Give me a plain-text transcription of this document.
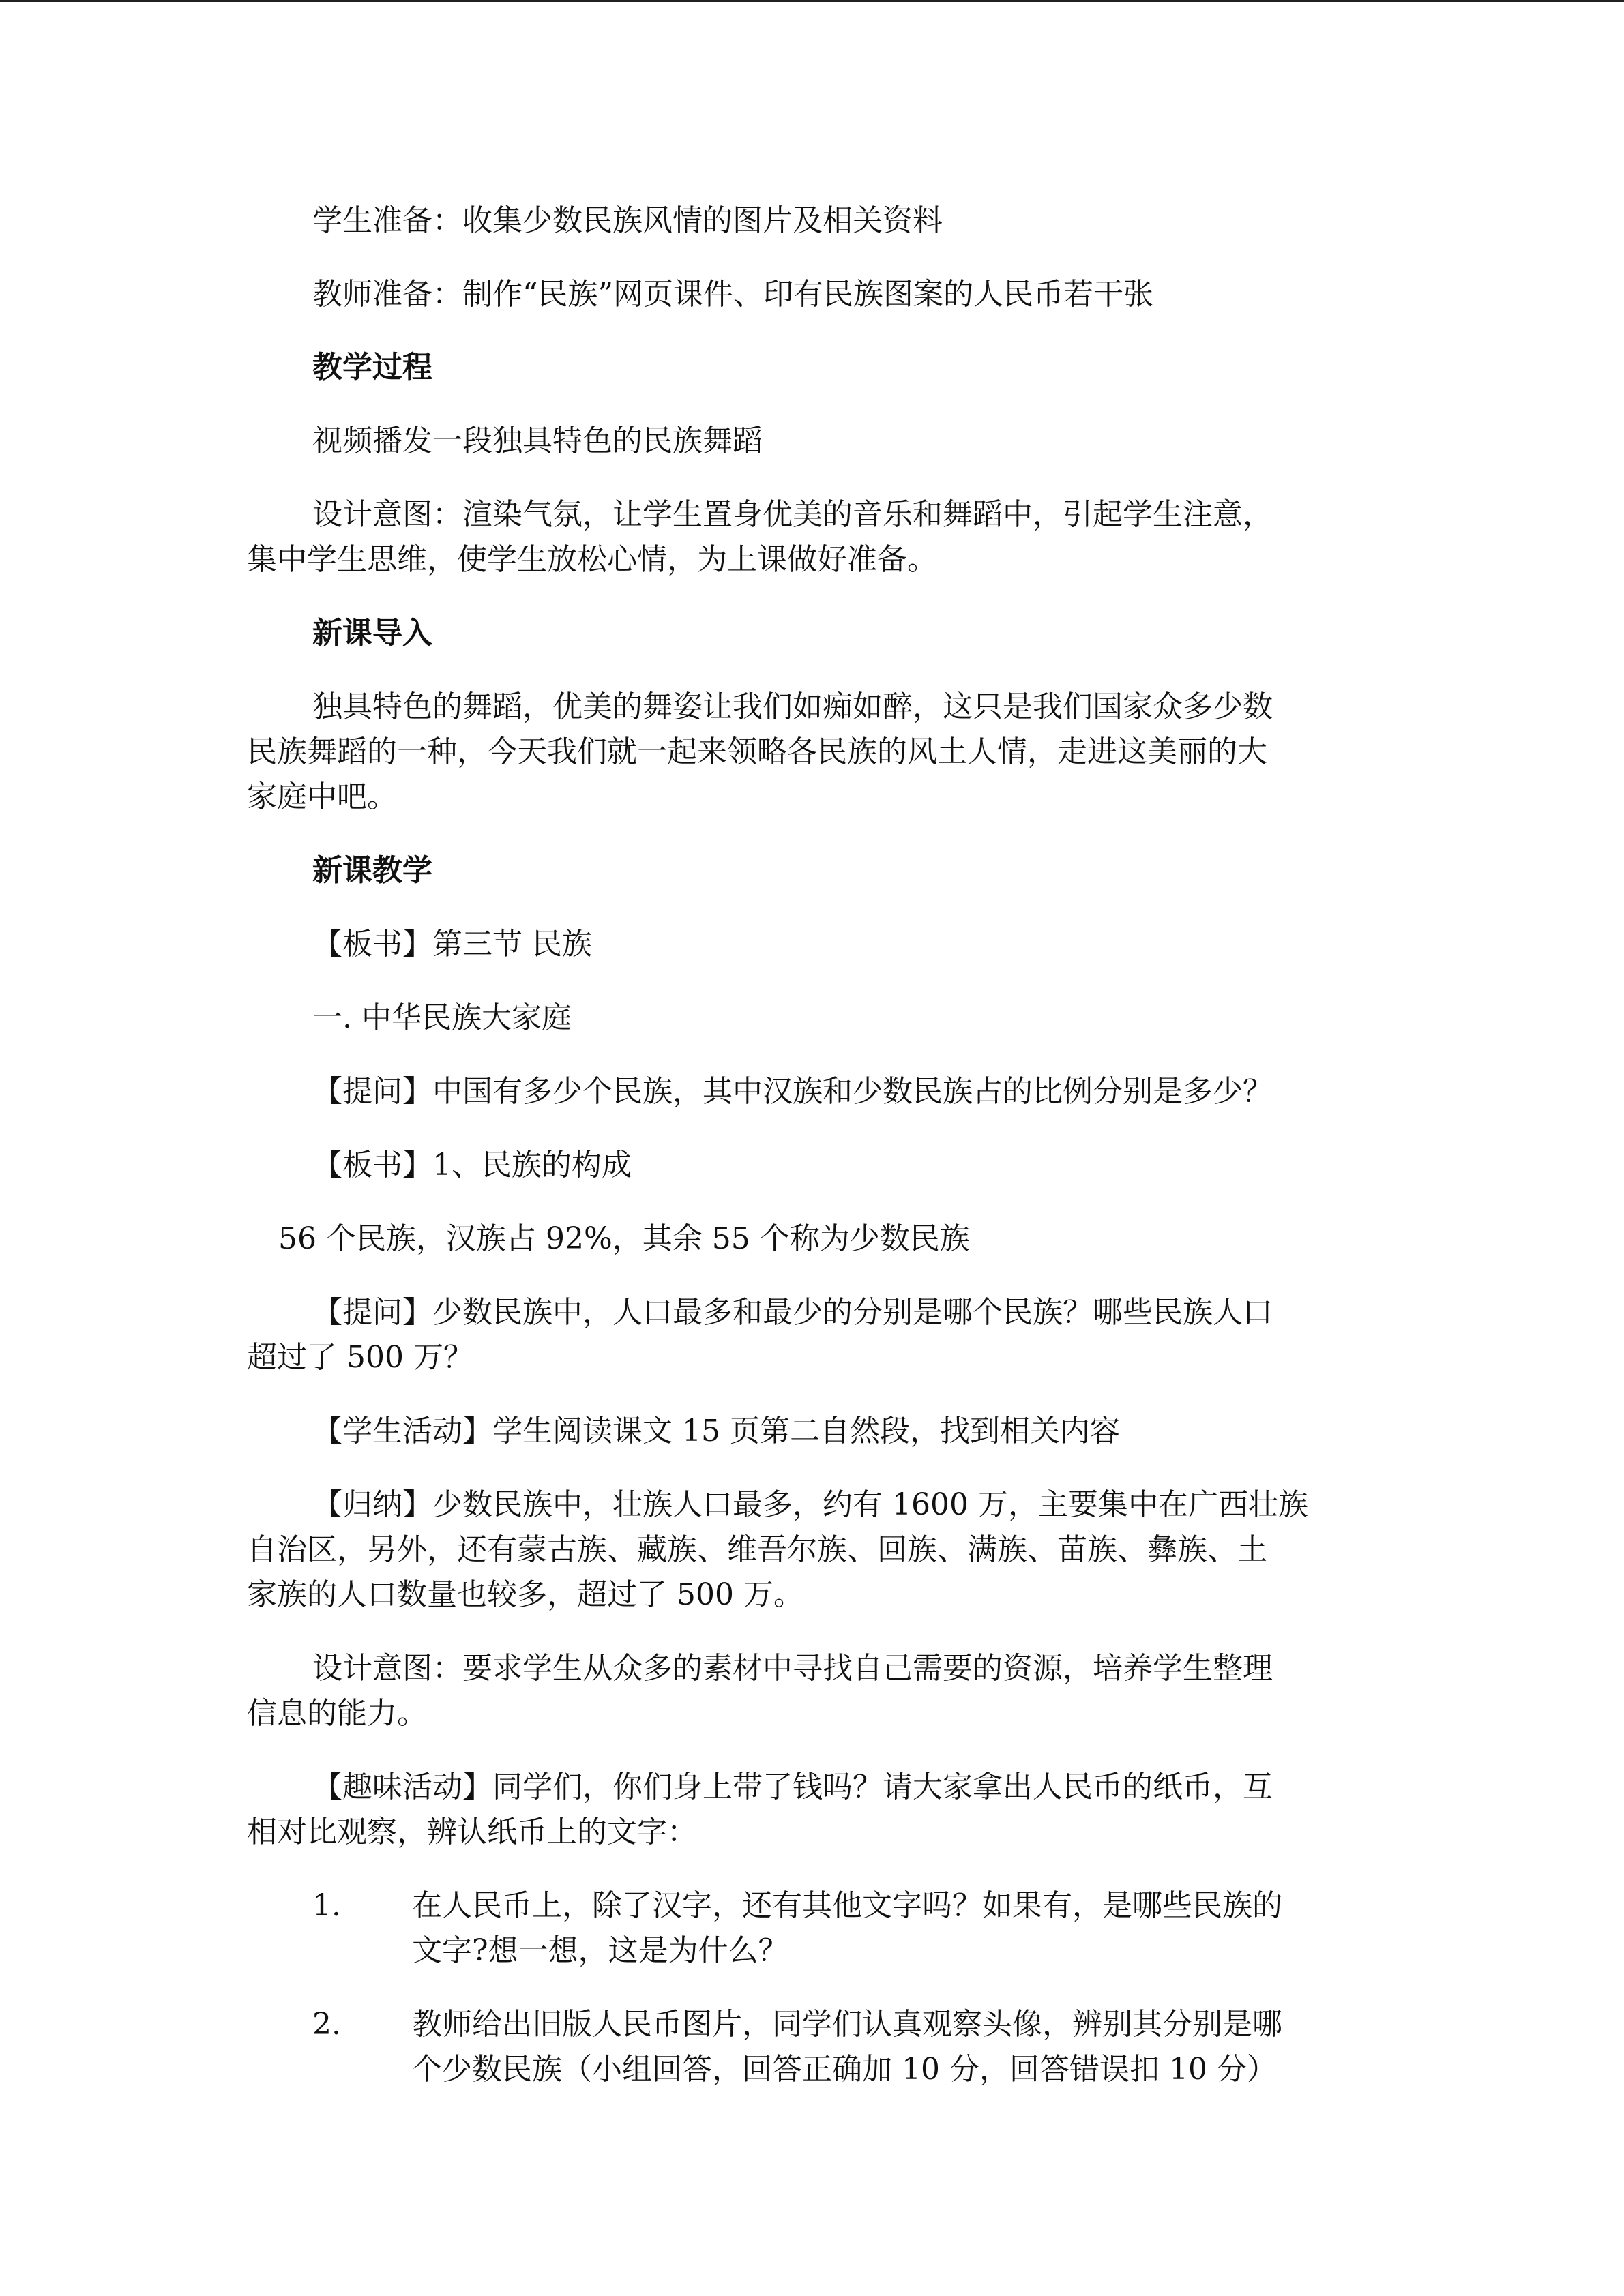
学生准备：收集少数民族风情的图片及相关资料
教师准备：制作“民族”网页课件、印有民族图案的人民币若干张
教学过程
视频播发一段独具特色的民族舞蹈
设计意图：渲染气氛，让学生置身优美的音乐和舞蹈中，引起学生注意，
集中学生思维，使学生放松心情，为上课做好准备。
新课导入
独具特色的舞蹈，优美的舞姿让我们如痴如醉，这只是我们国家众多少数
民族舞蹈的一种，今天我们就一起来领略各民族的风土人情，走进这美丽的大
家庭中吧。
新课教学
【板书】第三节 民族
一. 中华民族大家庭
【提问】中国有多少个民族，其中汉族和少数民族占的比例分别是多少？
【板书】1、民族的构成
56 个民族，汉族占 92%，其余 55 个称为少数民族
【提问】少数民族中，人口最多和最少的分别是哪个民族？哪些民族人口
超过了 500 万？
【学生活动】学生阅读课文 15 页第二自然段，找到相关内容
【归纳】少数民族中，壮族人口最多，约有 1600 万，主要集中在广西壮族
自治区，另外，还有蒙古族、藏族、维吾尔族、回族、满族、苗族、彝族、土
家族的人口数量也较多，超过了 500 万。
设计意图：要求学生从众多的素材中寻找自己需要的资源，培养学生整理
信息的能力。
【趣味活动】同学们，你们身上带了钱吗？请大家拿出人民币的纸币，互
相对比观察，辨认纸币上的文字：
1. 在人民币上，除了汉字，还有其他文字吗？如果有，是哪些民族的
文字?想一想，这是为什么？
2. 教师给出旧版人民币图片，同学们认真观察头像，辨别其分别是哪
个少数民族（小组回答，回答正确加 10 分，回答错误扣 10 分）
